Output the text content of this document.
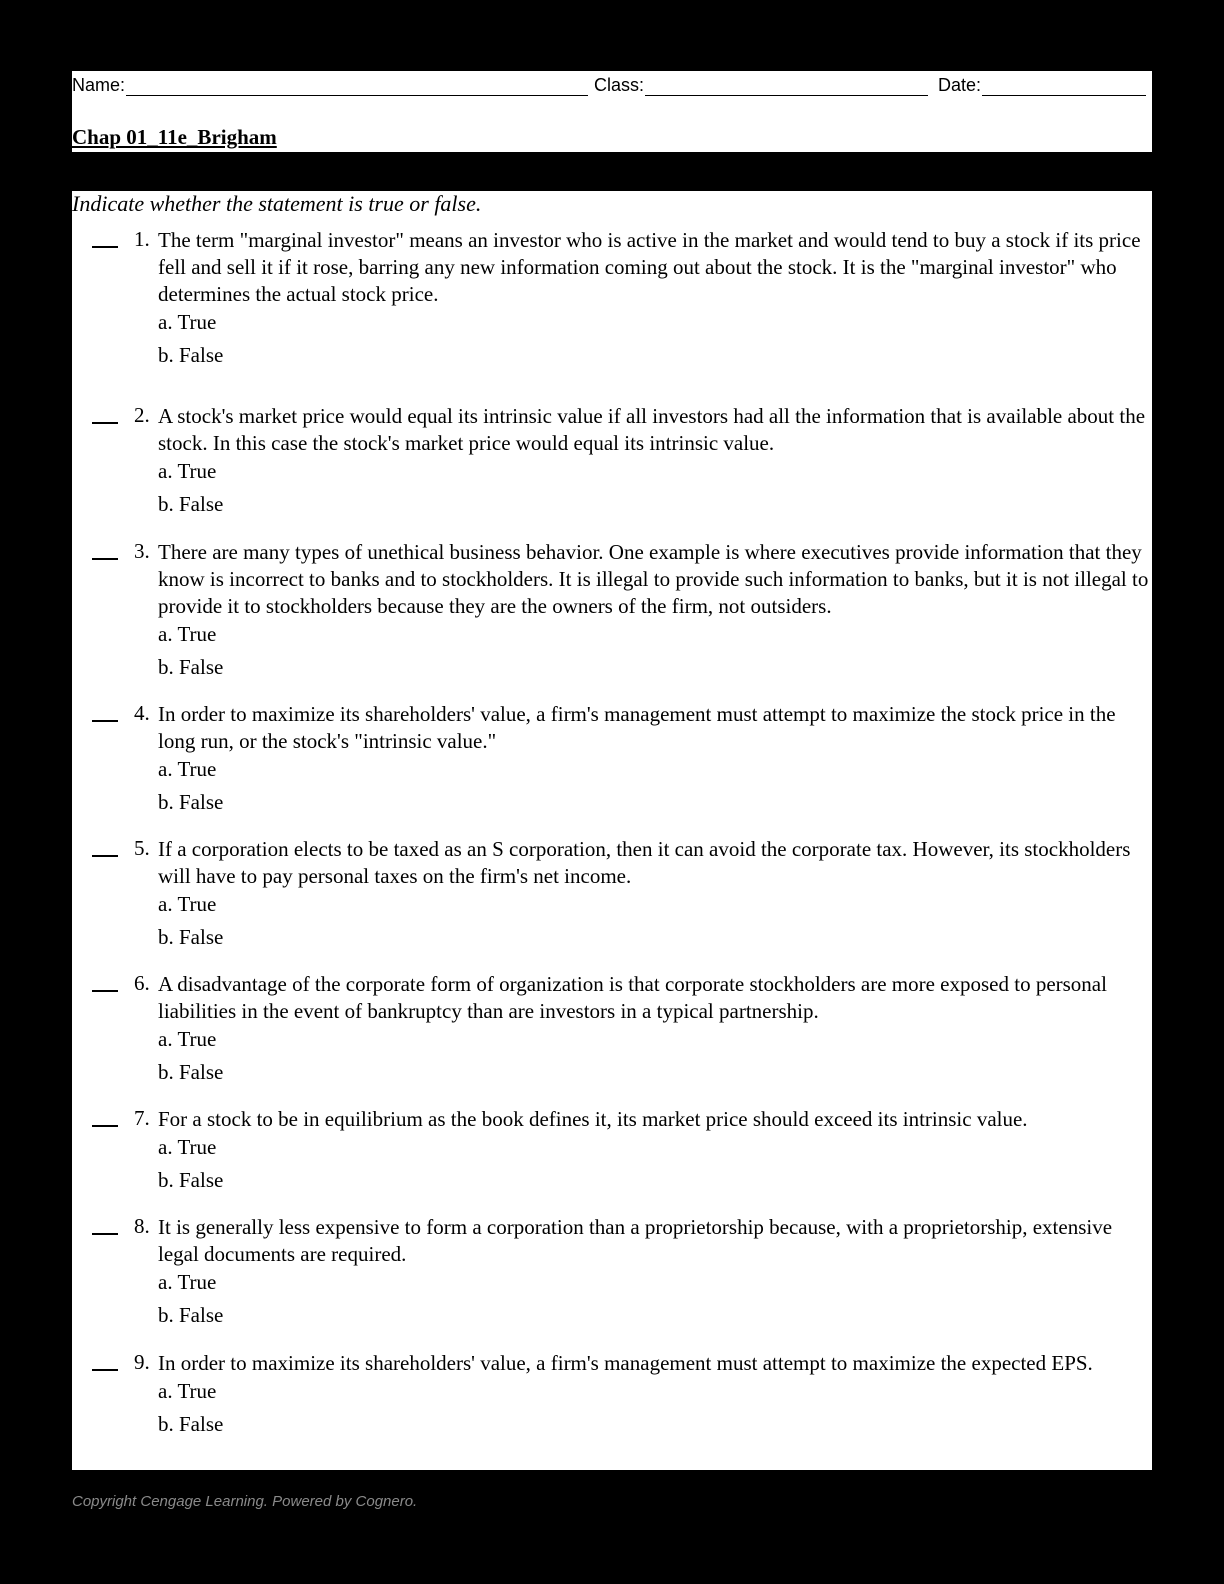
Name:	Class:	Date:
Chap 01_11e_Brigham
Indicate whether the statement is true or false.
1. The term "marginal investor" means an investor who is active in the market and would tend to buy a stock if its price fell and sell it if it rose, barring any new information coming out about the stock. It is the "marginal investor" who determines the actual stock price.
a. True
b. False
2. A stock's market price would equal its intrinsic value if all investors had all the information that is available about the stock. In this case the stock's market price would equal its intrinsic value.
a. True
b. False
3. There are many types of unethical business behavior. One example is where executives provide information that they know is incorrect to banks and to stockholders. It is illegal to provide such information to banks, but it is not illegal to provide it to stockholders because they are the owners of the firm, not outsiders.
a. True
b. False
4. In order to maximize its shareholders' value, a firm's management must attempt to maximize the stock price in the long run, or the stock's "intrinsic value."
a. True
b. False
5. If a corporation elects to be taxed as an S corporation, then it can avoid the corporate tax. However, its stockholders will have to pay personal taxes on the firm's net income.
a. True
b. False
6. A disadvantage of the corporate form of organization is that corporate stockholders are more exposed to personal liabilities in the event of bankruptcy than are investors in a typical partnership.
a. True
b. False
7. For a stock to be in equilibrium as the book defines it, its market price should exceed its intrinsic value.
a. True
b. False
8. It is generally less expensive to form a corporation than a proprietorship because, with a proprietorship, extensive legal documents are required.
a. True
b. False
9. In order to maximize its shareholders' value, a firm's management must attempt to maximize the expected EPS.
a. True
b. False
Copyright Cengage Learning. Powered by Cognero.
